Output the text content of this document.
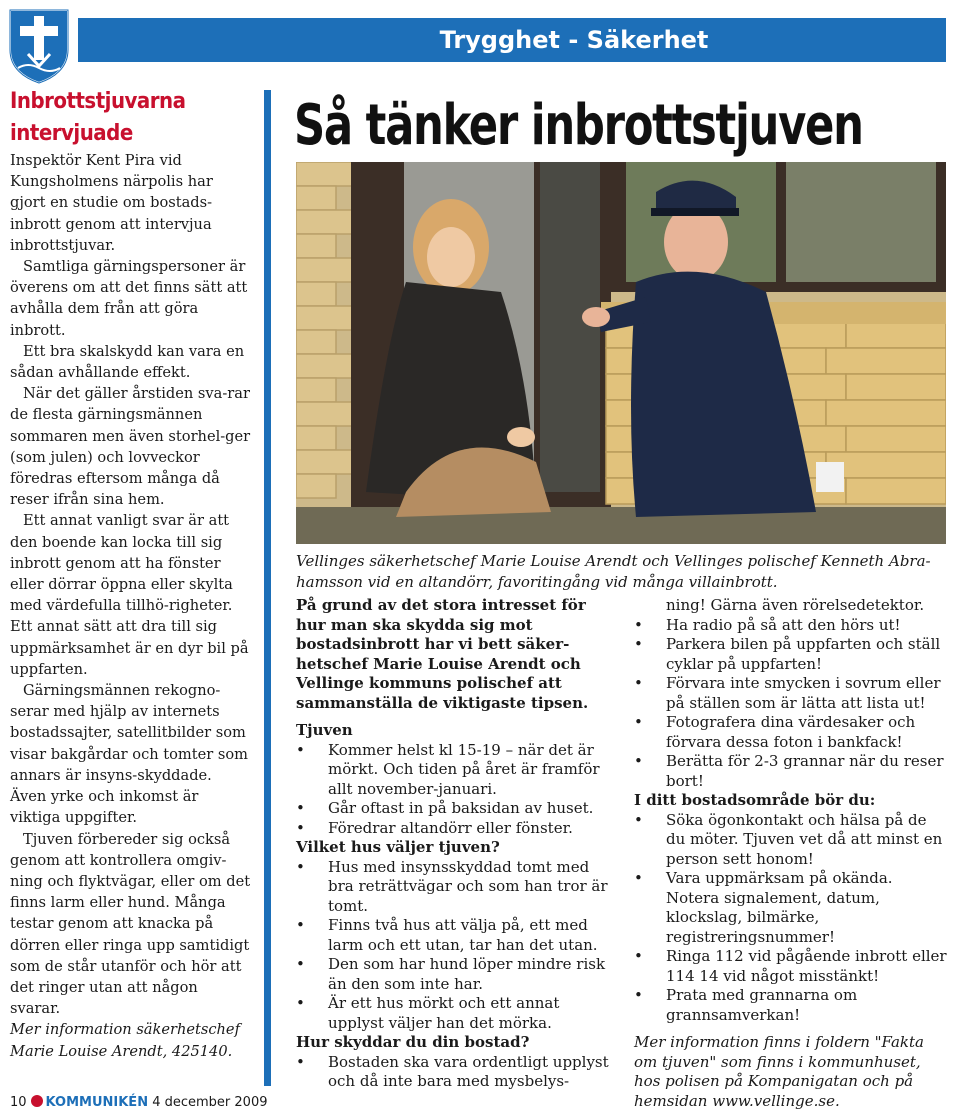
Trygghet - Säkerhet
Inbrottstjuvarna
intervjuade

Inspektör Kent Pira vid Kungsholmens närpolis har gjort en studie om bostads-inbrott genom att intervjua inbrottstjuvar.

Samtliga gärningspersoner är överens om att det finns sätt att avhålla dem från att göra inbrott.

Ett bra skalskydd kan vara en sådan avhållande effekt.

När det gäller årstiden sva-rar de flesta gärningsmännen sommaren men även storhel-ger (som julen) och lovveckor föredras eftersom många då reser ifrån sina hem.

Ett annat vanligt svar är att den boende kan locka till sig inbrott genom att ha fönster eller dörrar öppna eller skylta med värdefulla tillhö-righeter. Ett annat sätt att dra till sig uppmärksamhet är en dyr bil på uppfarten.

Gärningsmännen rekogno-serar med hjälp av internets bostadssajter, satellitbilder som visar bakgårdar och tomter som annars är insyns-skyddade. Även yrke och inkomst är viktiga uppgifter.

Tjuven förbereder sig också genom att kontrollera omgiv-ning och flyktvägar, eller om det finns larm eller hund. Många testar genom att knacka på dörren eller ringa upp samtidigt som de står utanför och hör att det ringer utan att någon svarar.

Mer information säkerhetschef Marie Louise Arendt, 425140.

Så tänker inbrottstjuven
Vellinges säkerhetschef Marie Louise Arendt och Vellinges polischef Kenneth Abra-hamsson vid en altandörr, favoritingång vid många villainbrott.

På grund av det stora intresset för hur man ska skydda sig mot bostadsinbrott har vi bett säker-hetschef Marie Louise Arendt och Vellinge kommuns polischef att sammanställa de viktigaste tipsen.

Tjuven

• Kommer helst kl 15-19 – när det är mörkt. Och tiden på året är framför allt november-januari.
• Går oftast in på baksidan av huset.
• Föredrar altandörr eller fönster.

Vilket hus väljer tjuven?

• Hus med insynsskyddad tomt med bra reträttvägar och som han tror är tomt.
• Finns två hus att välja på, ett med larm och ett utan, tar han det utan.
• Den som har hund löper mindre risk än den som inte har.
• Är ett hus mörkt och ett annat upplyst väljer han det mörka.

Hur skyddar du din bostad?

• Bostaden ska vara ordentligt upplyst och då inte bara med mysbelys-

ning! Gärna även rörelsedetektor.

• Ha radio på så att den hörs ut!
• Parkera bilen på uppfarten och ställ cyklar på uppfarten!
• Förvara inte smycken i sovrum eller på ställen som är lätta att lista ut!
• Fotografera dina värdesaker och förvara dessa foton i bankfack!
• Berätta för 2-3 grannar när du reser bort!

I ditt bostadsområde bör du:

• Söka ögonkontakt och hälsa på de du möter. Tjuven vet då att minst en person sett honom!
• Vara uppmärksam på okända. Notera signalement, datum, klockslag, bilmärke, registreringsnummer!
• Ringa 112 vid pågående inbrott eller 114 14 vid något misstänkt!
• Prata med grannarna om grannsamverkan!

Mer information finns i foldern "Fakta om tjuven" som finns i kommunhuset, hos polisen på Kompanigatan och på hemsidan www.vellinge.se.

10 KOMMUNIKÉN 4 december 2009
